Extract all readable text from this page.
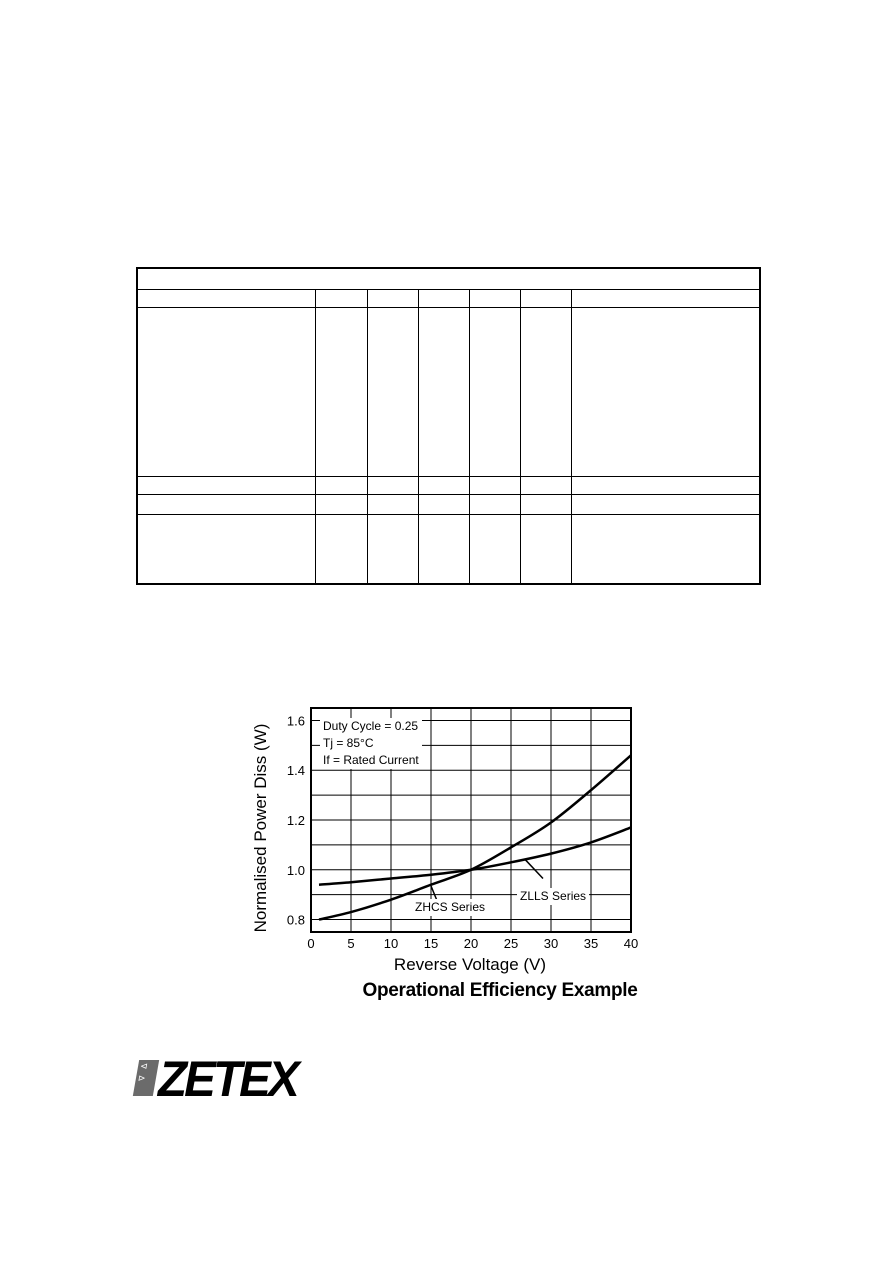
Normalised Power Diss (W)
0	5 10 15 20 25 30 35 40
0.8
1.0
1.2
1.4
1.6 Duty Cycle = 0.25
Tj = 85°C
If = Rated Current
ZHCS Series
ZLLS Series
Reverse Voltage (V)
Operational Efficiency Example
⊲
⊳ ZETEX
